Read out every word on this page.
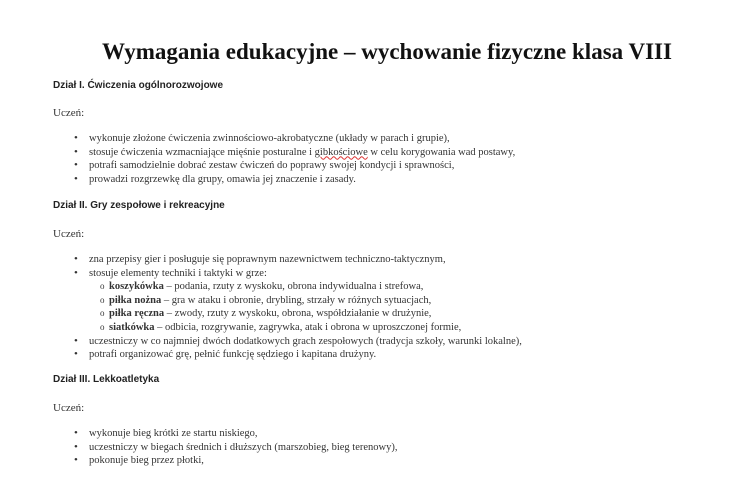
Wymagania edukacyjne – wychowanie fizyczne klasa VIII

Dział I. Ćwiczenia ogólnorozwojowe

Uczeń:

• wykonuje złożone ćwiczenia zwinnościowo-akrobatyczne (układy w parach i grupie),
• stosuje ćwiczenia wzmacniające mięśnie posturalne i gibkościowe w celu korygowania wad postawy,
• potrafi samodzielnie dobrać zestaw ćwiczeń do poprawy swojej kondycji i sprawności,
• prowadzi rozgrzewkę dla grupy, omawia jej znaczenie i zasady.

Dział II. Gry zespołowe i rekreacyjne

Uczeń:

• zna przepisy gier i posługuje się poprawnym nazewnictwem techniczno-taktycznym,
• stosuje elementy techniki i taktyki w grze:
o koszykówka – podania, rzuty z wyskoku, obrona indywidualna i strefowa,
o piłka nożna – gra w ataku i obronie, drybling, strzały w różnych sytuacjach,
o piłka ręczna – zwody, rzuty z wyskoku, obrona, współdziałanie w drużynie,
o siatkówka – odbicia, rozgrywanie, zagrywka, atak i obrona w uproszczonej formie,
• uczestniczy w co najmniej dwóch dodatkowych grach zespołowych (tradycja szkoły, warunki lokalne),
• potrafi organizować grę, pełnić funkcję sędziego i kapitana drużyny.

Dział III. Lekkoatletyka

Uczeń:

• wykonuje bieg krótki ze startu niskiego,
• uczestniczy w biegach średnich i dłuższych (marszobieg, bieg terenowy),
• pokonuje bieg przez płotki,
